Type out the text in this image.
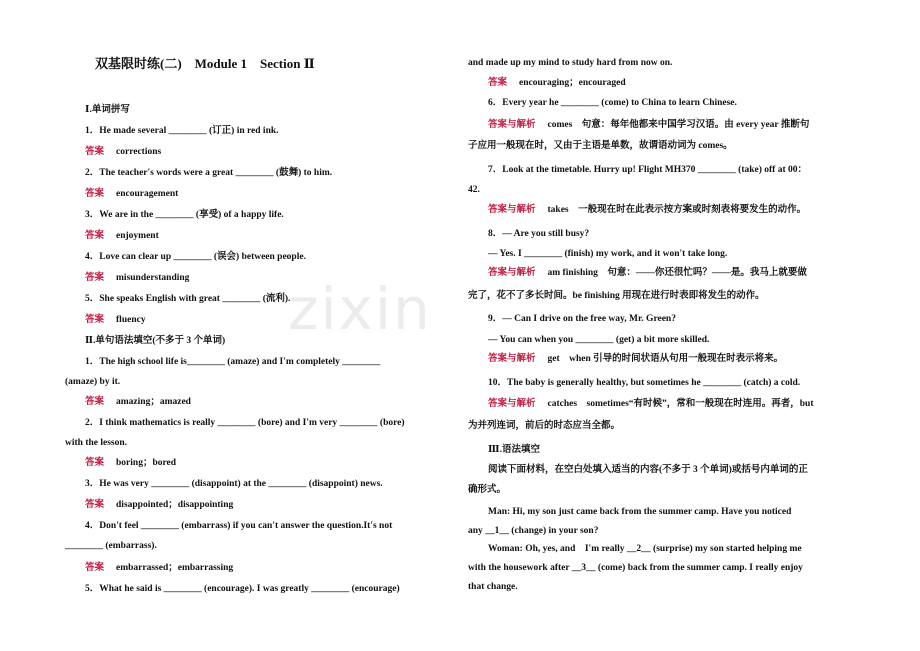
双基限时练(二)　Module 1　Section Ⅱ
Ⅰ.单词拼写
1．He made several ________ (订正) in red ink.
答案 corrections
2．The teacher's words were a great ________ (鼓舞) to him.
答案 encouragement
3．We are in the ________ (享受) of a happy life.
答案 enjoyment
4．Love can clear up ________ (误会) between people.
答案 misunderstanding
5．She speaks English with great ________ (流利).
答案 fluency
Ⅱ.单句语法填空(不多于 3 个单词)
1．The high school life is________ (amaze) and I'm completely ________
(amaze) by it.
答案 amazing；amazed
2．I think mathematics is really ________ (bore) and I'm very ________ (bore)
with the lesson.
答案 boring；bored
3．He was very ________ (disappoint) at the ________ (disappoint) news.
答案 disappointed；disappointing
4．Don't feel ________ (embarrass) if you can't answer the question.It's not
________ (embarrass).
答案 embarrassed；embarrassing
5．What he said is ________ (encourage). I was greatly ________ (encourage)
and made up my mind to study hard from now on.
答案 encouraging；encouraged
6．Every year he ________ (come) to China to learn Chinese.
答案与解析 comes　句意：每年他都来中国学习汉语。由 every year 推断句
子应用一般现在时，又由于主语是单数，故谓语动词为 comes。
7．Look at the timetable. Hurry up! Flight MH370 ________ (take) off at 00：
42.
答案与解析 takes　一般现在时在此表示按方案或时刻表将要发生的动作。
8．— Are you still busy?
— Yes. I ________ (finish) my work, and it won't take long.
答案与解析 am finishing　句意：——你还很忙吗？——是。我马上就要做
完了，花不了多长时间。be finishing 用现在进行时表即将发生的动作。
9．— Can I drive on the free way, Mr. Green?
— You can when you ________ (get) a bit more skilled.
答案与解析 get　when 引导的时间状语从句用一般现在时表示将来。
10．The baby is generally healthy, but sometimes he ________ (catch) a cold.
答案与解析 catches　sometimes“有时候”，常和一般现在时连用。再者，but
为并列连词，前后的时态应当全都。
Ⅲ.语法填空
阅读下面材料，在空白处填入适当的内容(不多于 3 个单词)或括号内单词的正
确形式。
Man: Hi, my son just came back from the summer camp. Have you noticed
any __1__ (change) in your son?
Woman: Oh, yes, and　I'm really __2__ (surprise) my son started helping me
with the housework after __3__ (come) back from the summer camp. I really enjoy
that change.
zixin
